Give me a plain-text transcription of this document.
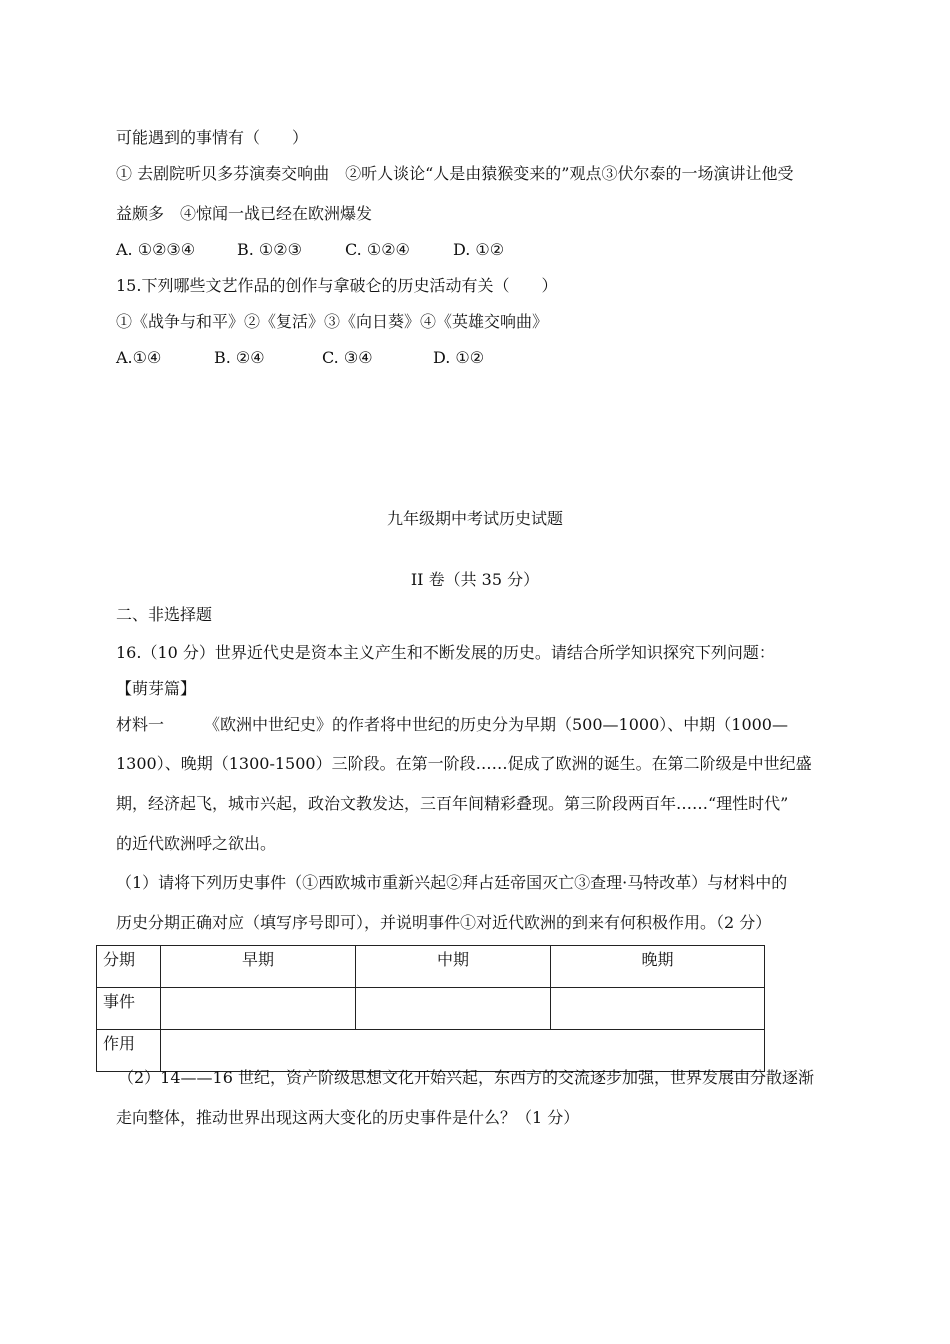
可能遇到的事情有（　　）
① 去剧院听贝多芬演奏交响曲　②听人谈论“人是由猿猴变来的”观点③伏尔泰的一场演讲让他受
益颇多　④惊闻一战已经在欧洲爆发
A. ①②③④	B. ①②③	C. ①②④	D. ①②
15.下列哪些文艺作品的创作与拿破仑的历史活动有关（　　）
①《战争与和平》②《复活》③《向日葵》④《英雄交响曲》
A.①④	B. ②④	C. ③④	D. ①②
九年级期中考试历史试题
II 卷（共 35 分）
二、非选择题
16.（10 分）世界近代史是资本主义产生和不断发展的历史。请结合所学知识探究下列问题：
【萌芽篇】
材料一　　　《欧洲中世纪史》的作者将中世纪的历史分为早期（500—1000）、中期（1000—
1300）、晚期（1300-1500）三阶段。在第一阶段……促成了欧洲的诞生。在第二阶级是中世纪盛
期，经济起飞，城市兴起，政治文教发达，三百年间精彩叠现。第三阶段两百年……“理性时代”
的近代欧洲呼之欲出。
（1）请将下列历史事件（①西欧城市重新兴起②拜占廷帝国灭亡③查理·马特改革）与材料中的
历史分期正确对应（填写序号即可），并说明事件①对近代欧洲的到来有何积极作用。（2 分）
分期	早期	中期	晚期
事件			
作用			
（2）14——16 世纪，资产阶级思想文化开始兴起，东西方的交流逐步加强，世界发展由分散逐渐
走向整体，推动世界出现这两大变化的历史事件是什么？（1 分）
